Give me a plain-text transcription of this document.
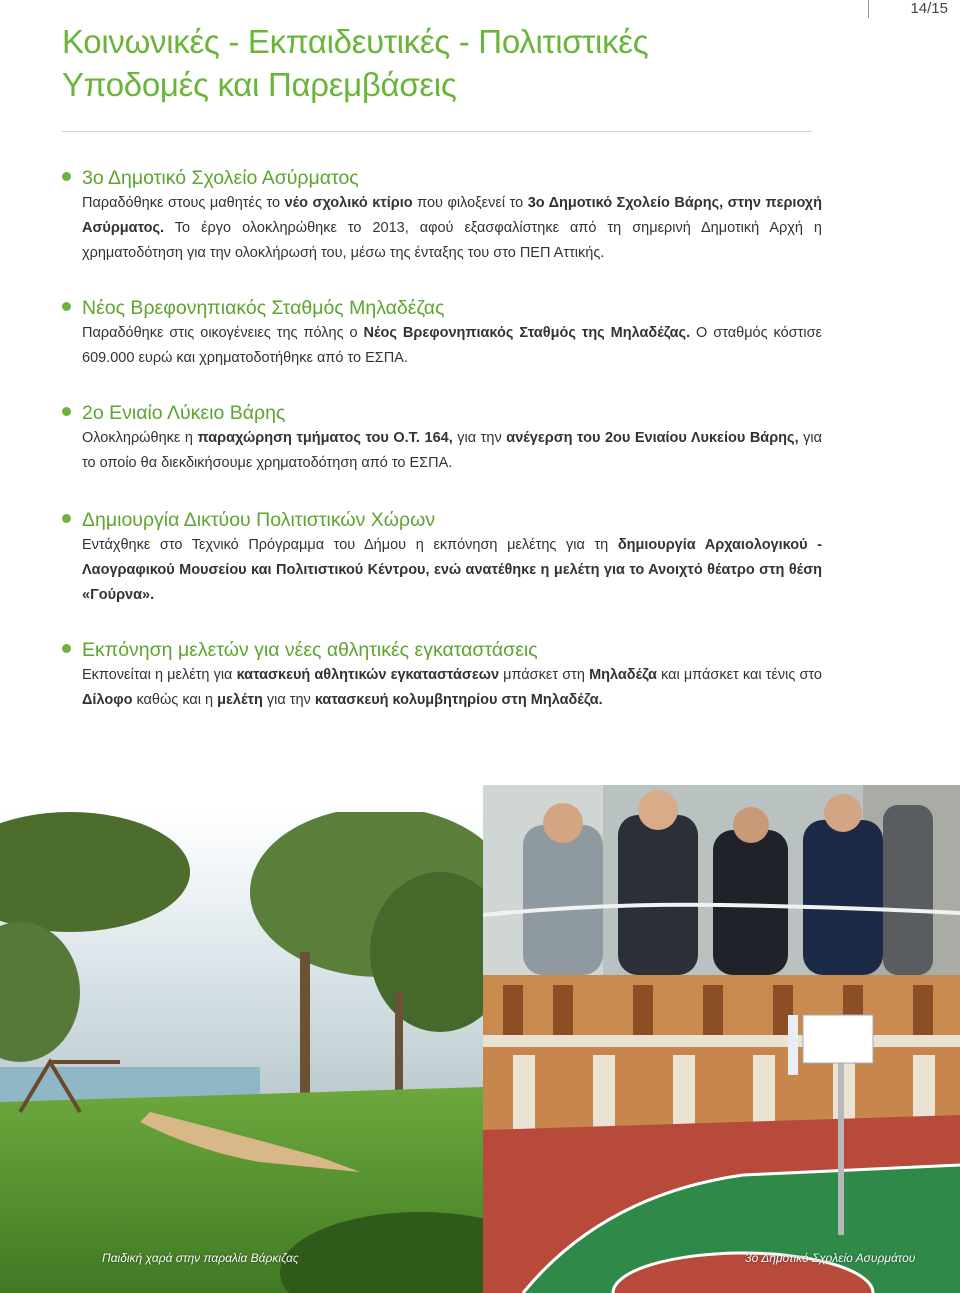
14/15
Κοινωνικές - Εκπαιδευτικές - Πολιτιστικές
Υποδομές και Παρεμβάσεις
3ο Δημοτικό Σχολείο Ασύρματος
Παραδόθηκε στους μαθητές το νέο σχολικό κτίριο που φιλοξενεί το 3ο Δημοτικό Σχολείο Βάρης, στην περιοχή Ασύρματος. Το έργο ολοκληρώθηκε το 2013, αφού εξασφαλίστηκε από τη σημερινή Δημοτική Αρχή η χρηματοδότηση για την ολοκλήρωσή του, μέσω της ένταξης του στο ΠΕΠ Αττικής.
Νέος Βρεφονηπιακός Σταθμός Μηλαδέζας
Παραδόθηκε στις οικογένειες της πόλης ο Νέος Βρεφονηπιακός Σταθμός της Μηλαδέζας. Ο σταθμός κόστισε 609.000 ευρώ και χρηματοδοτήθηκε από το ΕΣΠΑ.
2ο Ενιαίο Λύκειο Βάρης
Ολοκληρώθηκε η παραχώρηση τμήματος του Ο.Τ. 164, για την ανέγερση του 2ου Ενιαίου Λυκείου Βάρης, για το οποίο θα διεκδικήσουμε χρηματοδότηση από το ΕΣΠΑ.
Δημιουργία Δικτύου Πολιτιστικών Χώρων
Εντάχθηκε στο Τεχνικό Πρόγραμμα του Δήμου η εκπόνηση μελέτης για τη δημιουργία Αρχαιολογικού - Λαογραφικού Μουσείου και Πολιτιστικού Κέντρου, ενώ ανατέθηκε η μελέτη για το Ανοιχτό θέατρο στη θέση «Γούρνα».
Εκπόνηση μελετών για νέες αθλητικές εγκαταστάσεις
Εκπονείται η μελέτη για κατασκευή αθλητικών εγκαταστάσεων μπάσκετ στη Μηλαδέζα και μπάσκετ και τένις στο Δίλοφο καθώς και η μελέτη για την κατασκευή κολυμβητηρίου στη Μηλαδέζα.
Παιδική χαρά στην παραλία Βάρκιζας	3ο Δημοτικό Σχολείο Ασυρμάτου
